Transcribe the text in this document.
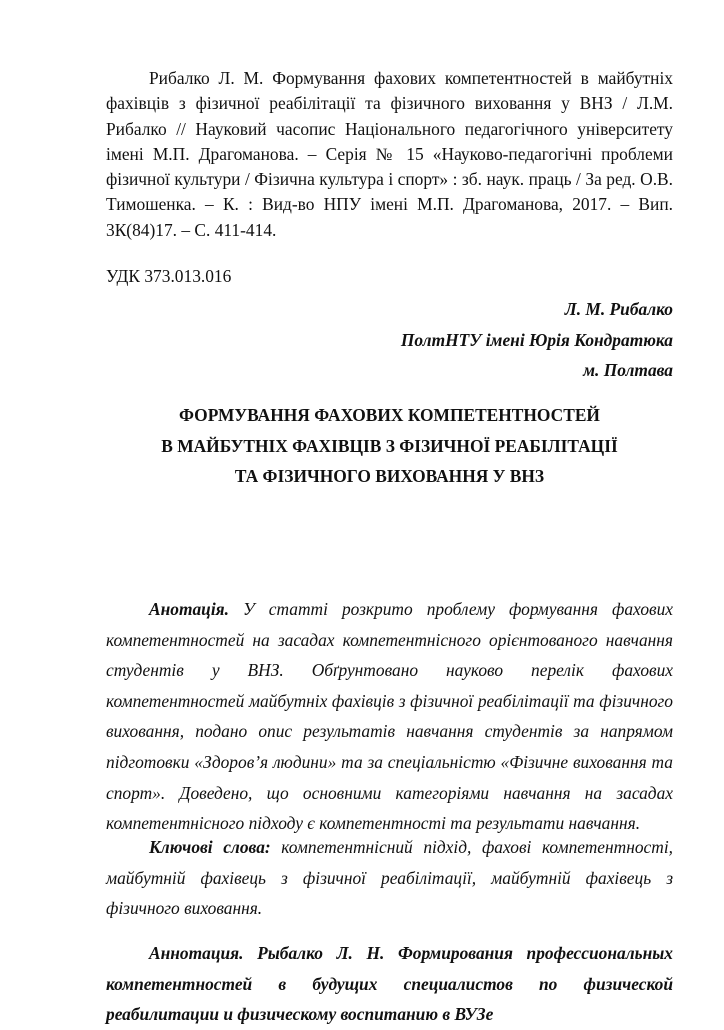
Рибалко Л. М. Формування фахових компетентностей в майбутніх фахівців з фізичної реабілітації та фізичного виховання у ВНЗ / Л.М. Рибалко // Науковий часопис Національного педагогічного університету імені М.П. Драгоманова. – Серія № 15 «Науково-педагогічні проблеми фізичної культури / Фізична культура і спорт» : зб. наук. праць / За ред. О.В. Тимошенка. – К. : Вид-во НПУ імені М.П. Драгоманова, 2017. – Вип. 3К(84)17. – С. 411-414.

УДК 373.013.016

Л. М. Рибалко
ПолтНТУ імені Юрія Кондратюка
м. Полтава
ФОРМУВАННЯ ФАХОВИХ КОМПЕТЕНТНОСТЕЙ
В МАЙБУТНІХ ФАХІВЦІВ З ФІЗИЧНОЇ РЕАБІЛІТАЦІЇ
ТА ФІЗИЧНОГО ВИХОВАННЯ У ВНЗ

Анотація. У статті розкрито проблему формування фахових компетентностей на засадах компетентнісного орієнтованого навчання студентів у ВНЗ. Обґрунтовано науково перелік фахових компетентностей майбутніх фахівців з фізичної реабілітації та фізичного виховання, подано опис результатів навчання студентів за напрямом підготовки «Здоров’я людини» та за спеціальністю «Фізичне виховання та спорт». Доведено, що основними категоріями навчання на засадах компетентнісного підходу є компетентності та результати навчання.

Ключові слова: компетентнісний підхід, фахові компетентності, майбутній фахівець з фізичної реабілітації, майбутній фахівець з фізичного виховання.

Аннотация. Рыбалко Л. Н. Формирования профессиональных компетентностей в будущих специалистов по физической реабилитации и физическому воспитанию в ВУЗе
